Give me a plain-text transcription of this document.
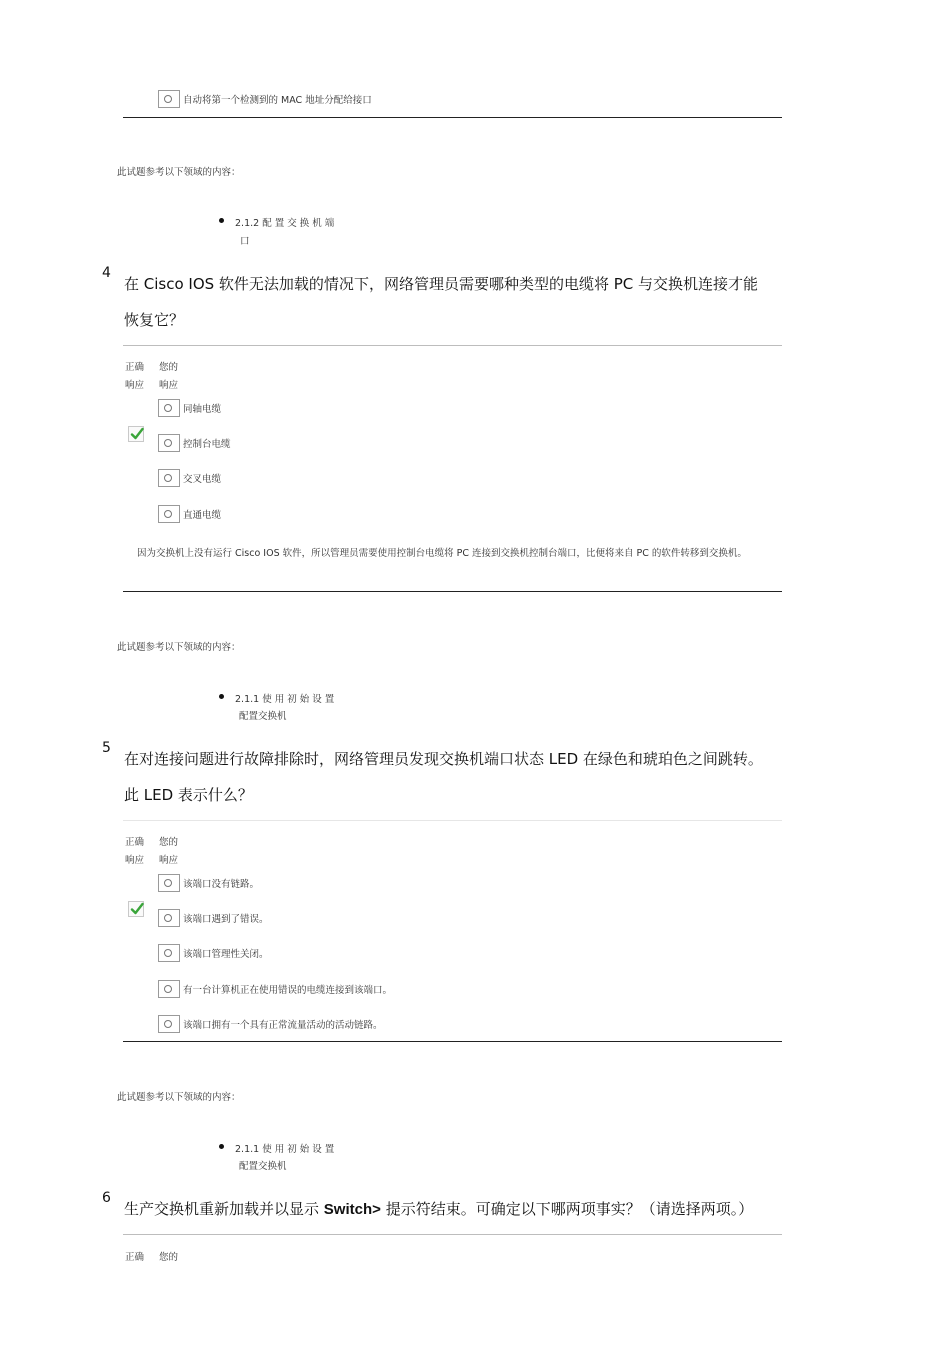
自动将第一个检测到的 MAC 地址分配给接口
此试题参考以下领域的内容：
2.1.2 配 置 交 换 机 端
口
4
在 Cisco IOS 软件无法加载的情况下，网络管理员需要哪种类型的电缆将 PC 与交换机连接才能
恢复它？
正确
响应
您的
响应
同轴电缆
控制台电缆
交叉电缆
直通电缆
因为交换机上没有运行 Cisco IOS 软件，所以管理员需要使用控制台电缆将 PC 连接到交换机控制台端口，比便将来自 PC 的软件转移到交换机。
此试题参考以下领域的内容：
2.1.1 使 用 初 始 设 置
配置交换机
5
在对连接问题进行故障排除时，网络管理员发现交换机端口状态 LED 在绿色和琥珀色之间跳转。
此 LED 表示什么？
正确
响应
您的
响应
该端口没有链路。
该端口遇到了错误。
该端口管理性关闭。
有一台计算机正在使用错误的电缆连接到该端口。
该端口拥有一个具有正常流量活动的活动链路。
此试题参考以下领域的内容：
2.1.1 使 用 初 始 设 置
配置交换机
6
生产交换机重新加载并以显示 Switch> 提示符结束。可确定以下哪两项事实？（请选择两项。）
正确 您的
